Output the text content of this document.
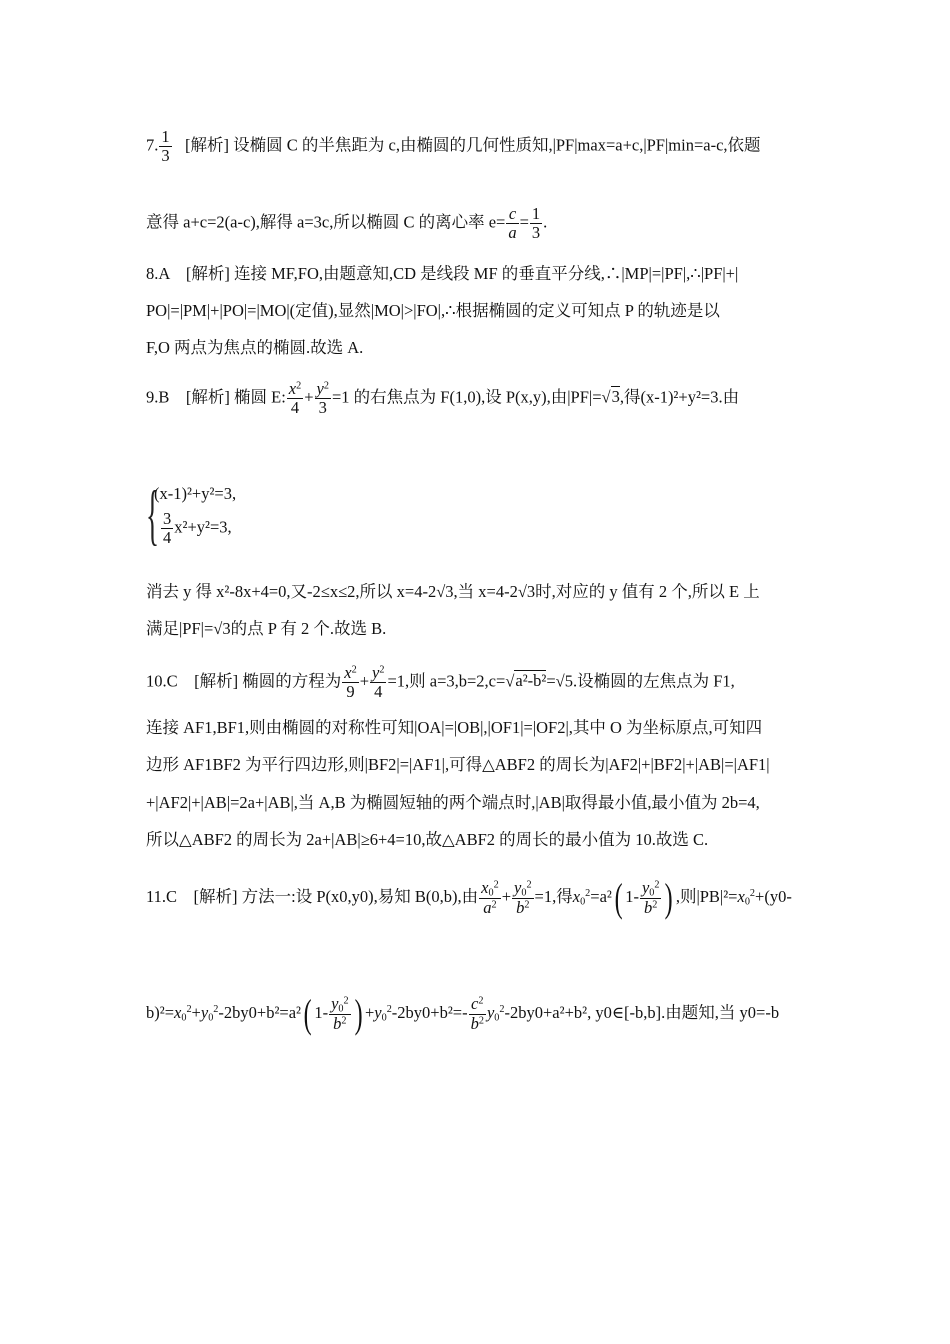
7. $\frac{1}{3}$ [解析] 设椭圆 C 的半焦距为 c,由椭圆的几何性质知,|PF|max=a+c,|PF|min=a-c,依题
意得 a+c=2(a-c),解得 a=3c,所以椭圆 C 的离心率 $e= \frac{c}{a} = \frac{1}{3}$ .
8.A　[解析] 连接 MF,FO,由题意知,CD 是线段 MF 的垂直平分线,∴|MP|=|PF|,∴|PF|+|
PO|=|PM|+|PO|=|MO|(定值),显然|MO|>|FO|,∴根据椭圆的定义可知点 P 的轨迹是以
F,O 两点为焦点的椭圆.故选 A.
9.B　[解析] 椭圆 E: $\frac{x^2}{4} + \frac{y^2}{3} =1$ 的右焦点为 F(1,0),设 P(x,y),由|PF|=√3,得(x-1)²+y²=3.由
{
(x-1)²+y²=3,
$\frac{3}{4} x^2+y^2=3$,
消去 y 得 x²-8x+4=0,又-2≤x≤2,所以 x=4-2√3,当 x=4-2√3时,对应的 y 值有 2 个,所以 E 上
满足|PF|=√3的点 P 有 2 个.故选 B.
10.C　[解析] 椭圆的方程为 $\frac{x^2}{9} + \frac{y^2}{4} =1$,则 a=3,b=2,c=√a²-b²=√5.设椭圆的左焦点为 F1,
连接 AF1,BF1,则由椭圆的对称性可知|OA|=|OB|,|OF1|=|OF2|,其中 O 为坐标原点,可知四
边形 AF1BF2 为平行四边形,则|BF2|=|AF1|,可得△ABF2 的周长为|AF2|+|BF2|+|AB|=|AF1|
+|AF2|+|AB|=2a+|AB|,当 A,B 为椭圆短轴的两个端点时,|AB|取得最小值,最小值为 2b=4,
所以△ABF2 的周长为 2a+|AB|≥6+4=10,故△ABF2 的周长的最小值为 10.故选 C.
11.C　[解析] 方法一:设 P(x0,y0),易知 B(0,b),由 $\frac{x_0^2}{a^2} + \frac{y_0^2}{b^2} =1$,得$x_0^2=a^2$( $1- \frac{y_0^2}{b^2}$ ) ,则$|PB|^2=x_0^2+(y0-$
$b)^2=x_0^2+y_0^2-2by0+b^2=a^2$( $1- \frac{y_0^2}{b^2}$ ) $+y_0^2-2by0+b^2=- \frac{c^2}{b^2} y_0^2-2by0+a^2+b^2$, y0∈[-b,b].由题知,当 y0=-b
